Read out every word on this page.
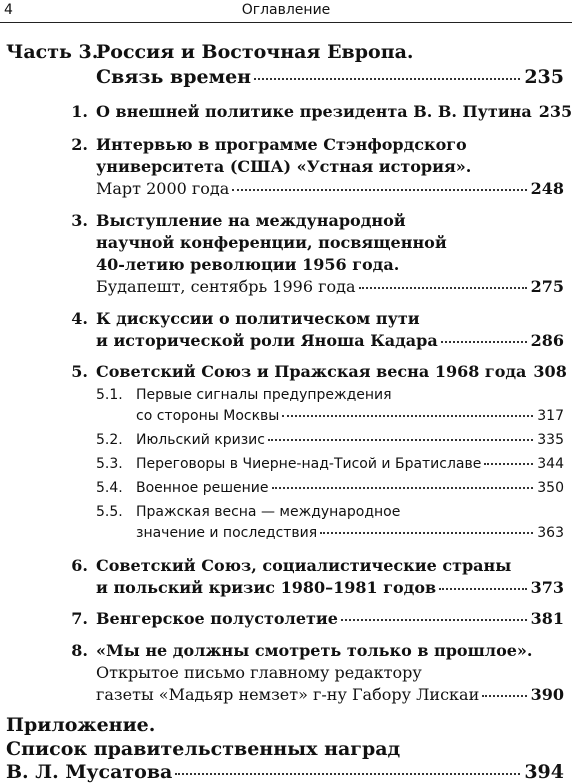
4	Оглавление
Часть 3.
Россия и Восточная Европа.
Связь времен	235
1. О внешней политике президента В. В. Путина 235
2. Интервью в программе Стэнфордского
университета (США) «Устная история».
Март 2000 года	248
3. Выступление на международной
научной конференции, посвященной
40-летию революции 1956 года.
Будапешт, сентябрь 1996 года	275
4. К дискуссии о политическом пути
и исторической роли Яноша Кадара	286
5. Советский Союз и Пражская весна 1968 года 308
5.1. Первые сигналы предупреждения
со стороны Москвы	317
5.2. Июльский кризис	335
5.3. Переговоры в Чиерне-над-Тисой и Братиславе	344
5.4. Военное решение	350
5.5. Пражская весна — международное
значение и последствия	363
6. Советский Союз, социалистические страны
и польский кризис 1980–1981 годов	373
7. Венгерское полустолетие	381
8. «Мы не должны смотреть только в прошлое».
Открытое письмо главному редактору
газеты «Мадьяр немзет» г-ну Габору Лискаи	390
Приложение.
Список правительственных наград
В. Л. Мусатова	394
